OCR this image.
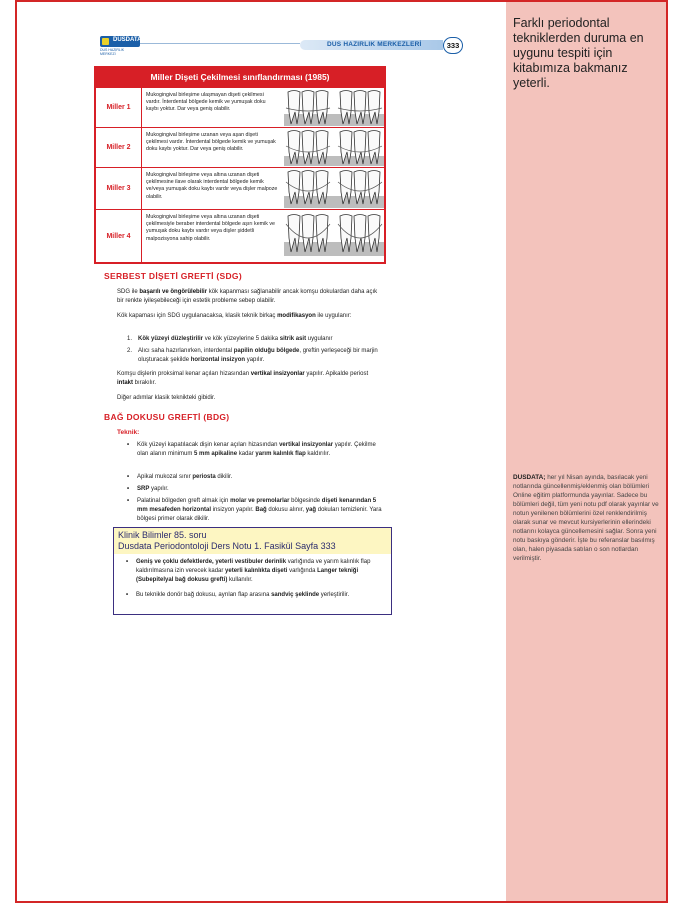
DUSDATA
DUS HAZIRLIK MERKEZİ
DUS HAZIRLIK MERKEZLERİ	333
Miller Dişeti Çekilmesi sınıflandırması (1985)
Miller 1
Mukogingival birleşime ulaşmayan dişeti çekilmesi vardır. İnterdental bölgede kemik ve yumuşak doku kaybı yoktur. Dar veya geniş olabilir.
Miller 2
Mukogingival birleşime uzanan veya aşan dişeti çekilmesi vardır. İnterdental bölgede kemik ve yumuşak doku kaybı yoktur. Dar veya geniş olabilir.
Miller 3
Mukogingival birleşime veya altına uzanan dişeti çekilmesine ilave olarak interdental bölgede kemik ve/veya yumuşak doku kaybı vardır veya dişler malpoze olabilir.
Miller 4
Mukogingival birleşime veya altına uzanan dişeti çekilmesiyle beraber interdental bölgede aşırı kemik ve yumuşak doku kaybı vardır veya dişler şiddetli malpozisyona sahip olabilir.
SERBEST DİŞETİ GREFTİ (SDG)
SDG ile başarılı ve öngörülebilir kök kapanması sağlanabilir ancak komşu dokulardan daha açık bir renkte iyileşebileceği için estetik probleme sebep olabilir.
Kök kapaması için SDG uygulanacaksa, klasik teknik birkaç modifikasyon ile uygulanır:
1. Kök yüzeyi düzleştirilir ve kök yüzeylerine 5 dakika sitrik asit uygulanır
2. Alıcı saha hazırlanırken, interdental papilin olduğu bölgede, greftin yerleşeceği bir marjin oluşturacak şekilde horizontal insizyon yapılır.
Komşu dişlerin proksimal kenar açıları hizasından vertikal insizyonlar yapılır. Apikalde periost intakt bırakılır.
Diğer adımlar klasik teknikteki gibidir.
BAĞ DOKUSU GREFTİ (BDG)
Teknik:
• Kök yüzeyi kapatılacak dişin kenar açıları hizasından vertikal insizyonlar yapılır. Çekilme olan alanın minimum 5 mm apikaline kadar yarım kalınlık flap kaldırılır.
• Apikal mukozal sınır periosta dikilir.
• SRP yapılır.
• Palatinal bölgeden greft almak için molar ve premolarlar bölgesinde dişeti kenarından 5 mm mesafeden horizontal insizyon yapılır. Bağ dokusu alınır, yağ dokuları temizlenir. Yara bölgesi primer olarak dikilir.
Klinik Bilimler 85. soru
Dusdata Periodontoloji Ders Notu 1. Fasikül Sayfa 333
• Geniş ve çoklu defektlerde, yeterli vestibuler derinlik varlığında ve yarım kalınlık flap kaldırılmasına izin verecek kadar yeterli kalınlıkta dişeti varlığında Langer tekniği (Subepitelyal bağ dokusu grefti) kullanılır.
• Bu teknikle donör bağ dokusu, ayrılan flap arasına sandviç şeklinde yerleştirilir.
Farklı periodontal tekniklerden duruma en uygunu tespiti için kitabımıza bakmanız yeterli.
DUSDATA; her yıl Nisan ayında, basılacak yeni notlarında güncellenmiş/eklenmiş olan bölümleri Online eğitim platformunda yayınlar. Sadece bu bölümleri değil, tüm yeni notu pdf olarak yayınlar ve notun yenilenen bölümlerini özel renklendirilmiş olarak sunar ve mevcut kursiyerlerinin ellerindeki notlarını kolayca güncellemesini sağlar. Sonra yeni notu baskıya gönderir. İşte bu referanslar basılmış olan, halen piyasada satılan o son notlardan verilmiştir.
